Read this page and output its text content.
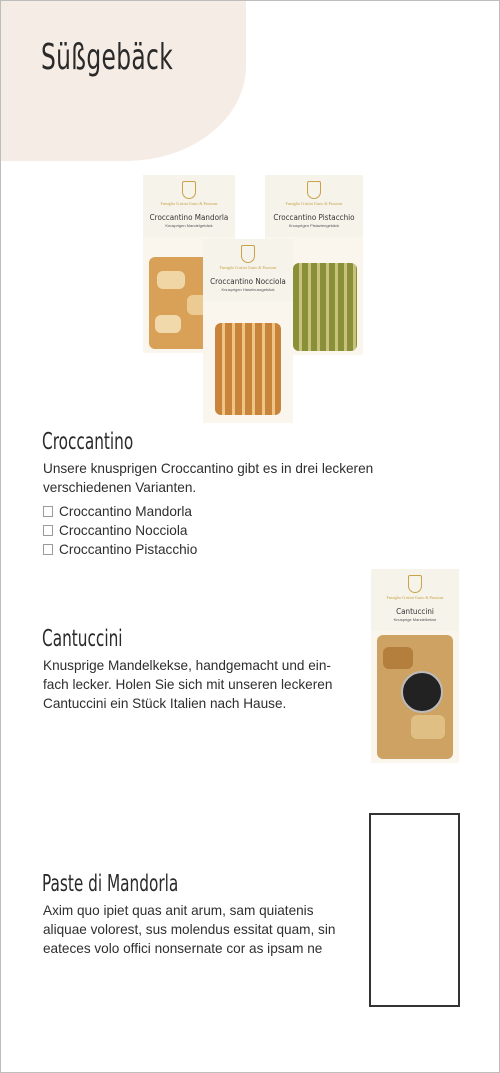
Süßgebäck
Famiglia Cristini Gusto & Passione
Croccantino Mandorla
Knusprigen Mandelgebäck
Famiglia Cristini Gusto & Passione
Croccantino Pistacchio
Knusprigen Pistaziengebäck
Famiglia Cristini Gusto & Passione
Croccantino Nocciola
Knusprigen Haselnussgebäck
Croccantino

Unsere knusprigen Croccantino gibt es in drei leckeren verschiedenen Varianten.

Croccantino Mandorla
Croccantino Nocciola
Croccantino Pistacchio
Famiglia Cristini Gusto & Passione
Cantuccini
Knusprige Mandelkekse
Cantuccini

Knusprige Mandelkekse, handgemacht und ein-
fach lecker. Holen Sie sich mit unseren leckeren
Cantuccini ein Stück Italien nach Hause.

Paste di Mandorla

Axim quo ipiet quas anit arum, sam quiatenis
aliquae volorest, sus molendus essitat quam, sin
eateces volo offici nonsernate cor as ipsam ne
